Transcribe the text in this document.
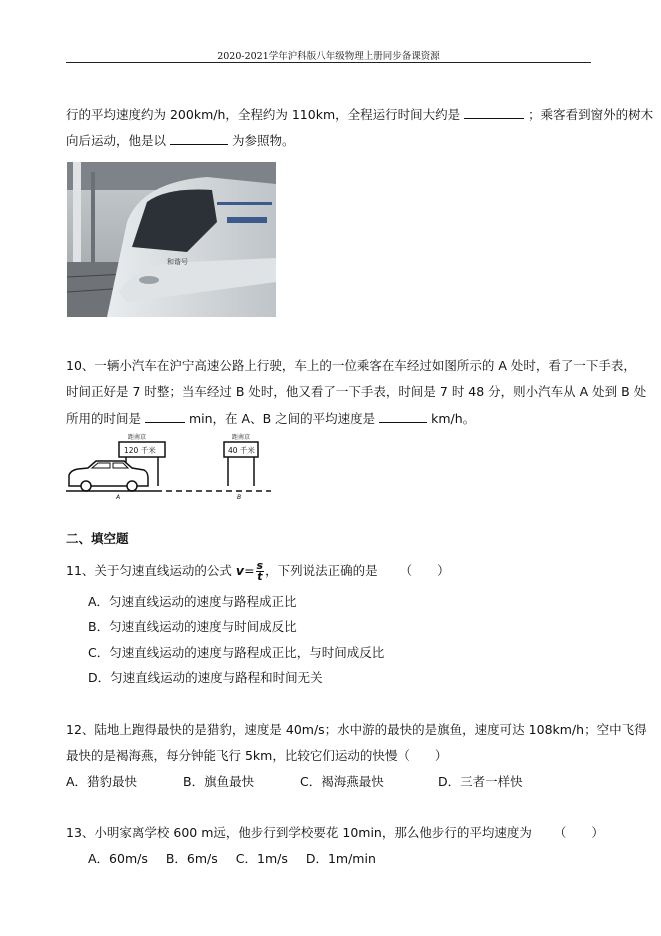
2020-2021学年沪科版八年级物理上册同步备课资源
行的平均速度约为 200km/h，全程约为 110km，全程运行时间大约是	；乘客看到窗外的树木
向后运动，他是以	为参照物。
和谐号
10、一辆小汽车在沪宁高速公路上行驶，车上的一位乘客在车经过如图所示的 A 处时，看了一下手表，
时间正好是 7 时整；当车经过 B 处时，他又看了一下手表，时间是 7 时 48 分，则小汽车从 A 处到 B 处
所用的时间是	min，在 A、B 之间的平均速度是	km/h。
距南京
120 千米
距南京
40 千米
A	B
二、填空题
11、关于匀速直线运动的公式 $v= \frac{s}{t}$ ，下列说法正确的是 （　　）
A．匀速直线运动的速度与路程成正比
B．匀速直线运动的速度与时间成反比
C．匀速直线运动的速度与路程成正比，与时间成反比
D．匀速直线运动的速度与路程和时间无关
12、陆地上跑得最快的是猎豹，速度是 40m/s；水中游的最快的是旗鱼，速度可达 108km/h；空中飞得
最快的是褐海燕，每分钟能飞行 5km，比较它们运动的快慢（　　）
A．猎豹最快	B．旗鱼最快	C．褐海燕最快	D．三者一样快
13、小明家离学校 600 m远，他步行到学校要花 10min，那么他步行的平均速度为 （　　）
A．60m/s B．6m/s C．1m/s D．1m/min
